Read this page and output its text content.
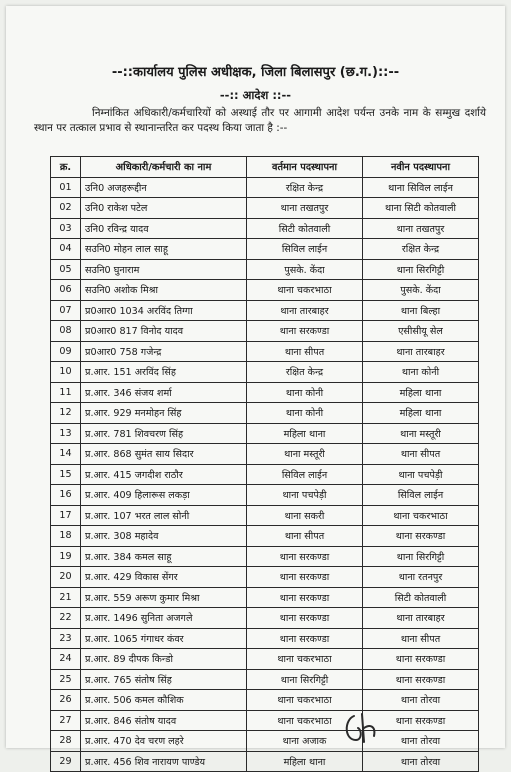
--::कार्यालय पुलिस अधीक्षक, जिला बिलासपुर (छ.ग.)::--
--:: आदेश ::--
निम्नांकित अधिकारी/कर्मचारियों को अस्थाई तौर पर आगामी आदेश पर्यन्त उनके नाम के सम्मुख दर्शाये स्थान पर तत्काल प्रभाव से स्थानान्तरित कर पदस्थ किया जाता है :--
क्र.	अधिकारी/कर्मचारी का नाम	वर्तमान पदस्थापना	नवीन पदस्थापना
01	उनि0 अजहरूद्दीन	रक्षित केन्द्र	थाना सिविल लाईन
02	उनि0 राकेश पटेल	थाना तखतपुर	थाना सिटी कोतवाली
03	उनि0 रविन्द्र यादव	सिटी कोतवाली	थाना तखतपुर
04	सउनि0 मोहन लाल साहू	सिविल लाईन	रक्षित केन्द्र
05	सउनि0 घुनाराम	पुसके. केंदा	थाना सिरगिट्टी
06	सउनि0 अशोक मिश्रा	थाना चकरभाठा	पुसके. केंदा
07	प्र0आर0 1034 अरविंद तिग्गा	थाना तारबाहर	थाना बिल्हा
08	प्र0आर0 817 विनोद यादव	थाना सरकण्डा	एसीसीयू सेल
09	प्र0आर0 758 गजेन्द्र	थाना सीपत	थाना तारबाहर
10	प्र.आर. 151 अरविंद सिंह	रक्षित केन्द्र	थाना कोनी
11	प्र.आर. 346 संजय शर्मा	थाना कोनी	महिला थाना
12	प्र.आर. 929 मनमोहन सिंह	थाना कोनी	महिला थाना
13	प्र.आर. 781 शिवचरण सिंह	महिला थाना	थाना मस्तूरी
14	प्र.आर. 868 सुमंत साय सिदार	थाना मस्तूरी	थाना सीपत
15	प्र.आर. 415 जगदीश राठौर	सिविल लाईन	थाना पचपेड़ी
16	प्र.आर. 409 हिलारूस लकड़ा	थाना पचपेड़ी	सिविल लाईन
17	प्र.आर. 107 भरत लाल सोनी	थाना सकरी	थाना चकरभाठा
18	प्र.आर. 308 महादेव	थाना सीपत	थाना सरकण्डा
19	प्र.आर. 384 कमल साहू	थाना सरकण्डा	थाना सिरगिट्टी
20	प्र.आर. 429 विकास सेंगर	थाना सरकण्डा	थाना रतनपुर
21	प्र.आर. 559 अरूण कुमार मिश्रा	थाना सरकण्डा	सिटी कोतवाली
22	प्र.आर. 1496 सुनिता अजगले	थाना सरकण्डा	थाना तारबाहर
23	प्र.आर. 1065 गंगाधर कंवर	थाना सरकण्डा	थाना सीपत
24	प्र.आर. 89 दीपक किन्डो	थाना चकरभाठा	थाना सरकण्डा
25	प्र.आर. 765 संतोष सिंह	थाना सिरगिट्टी	थाना सरकण्डा
26	प्र.आर. 506 कमल कौशिक	थाना चकरभाठा	थाना तोरवा
27	प्र.आर. 846 संतोष यादव	थाना चकरभाठा	थाना सरकण्डा
28	प्र.आर. 470 देव चरण लहरे	थाना अजाक	थाना तोरवा
29	प्र.आर. 456 शिव नारायण पाण्डेय	महिला थाना	थाना तोरवा
